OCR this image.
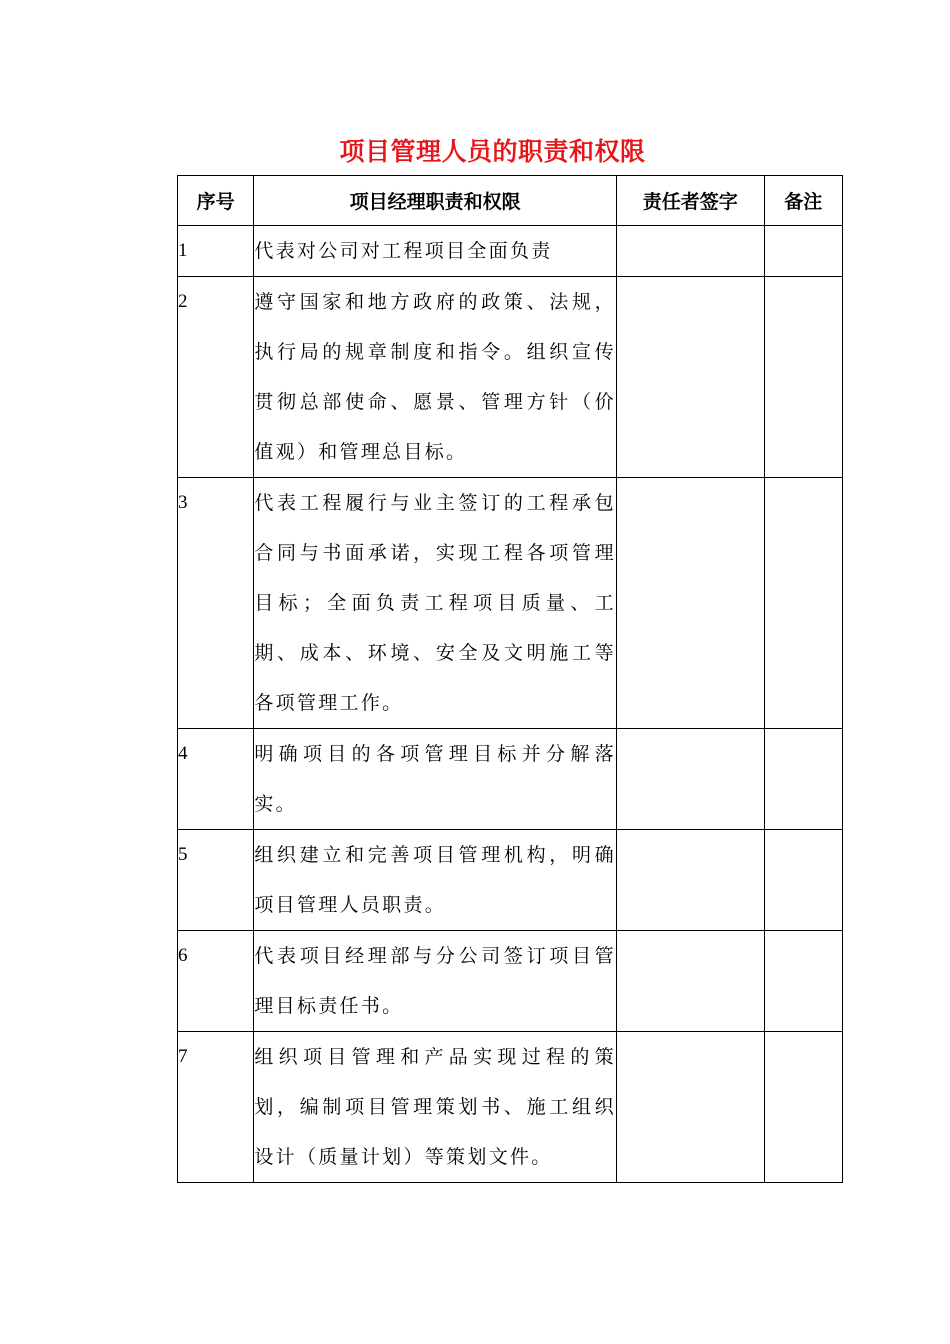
项目管理人员的职责和权限
序号	项目经理职责和权限	责任者签字	备注
1	代表对公司对工程项目全面负责		
2	遵守国家和地方政府的政策、法规，执行局的规章制度和指令。组织宣传贯彻总部使命、愿景、管理方针（价值观）和管理总目标。		
3	代表工程履行与业主签订的工程承包合同与书面承诺，实现工程各项管理目标；全面负责工程项目质量、工期、成本、环境、安全及文明施工等各项管理工作。		
4	明确项目的各项管理目标并分解落实。		
5	组织建立和完善项目管理机构，明确项目管理人员职责。		
6	代表项目经理部与分公司签订项目管理目标责任书。		
7	组织项目管理和产品实现过程的策划，编制项目管理策划书、施工组织设计（质量计划）等策划文件。		
